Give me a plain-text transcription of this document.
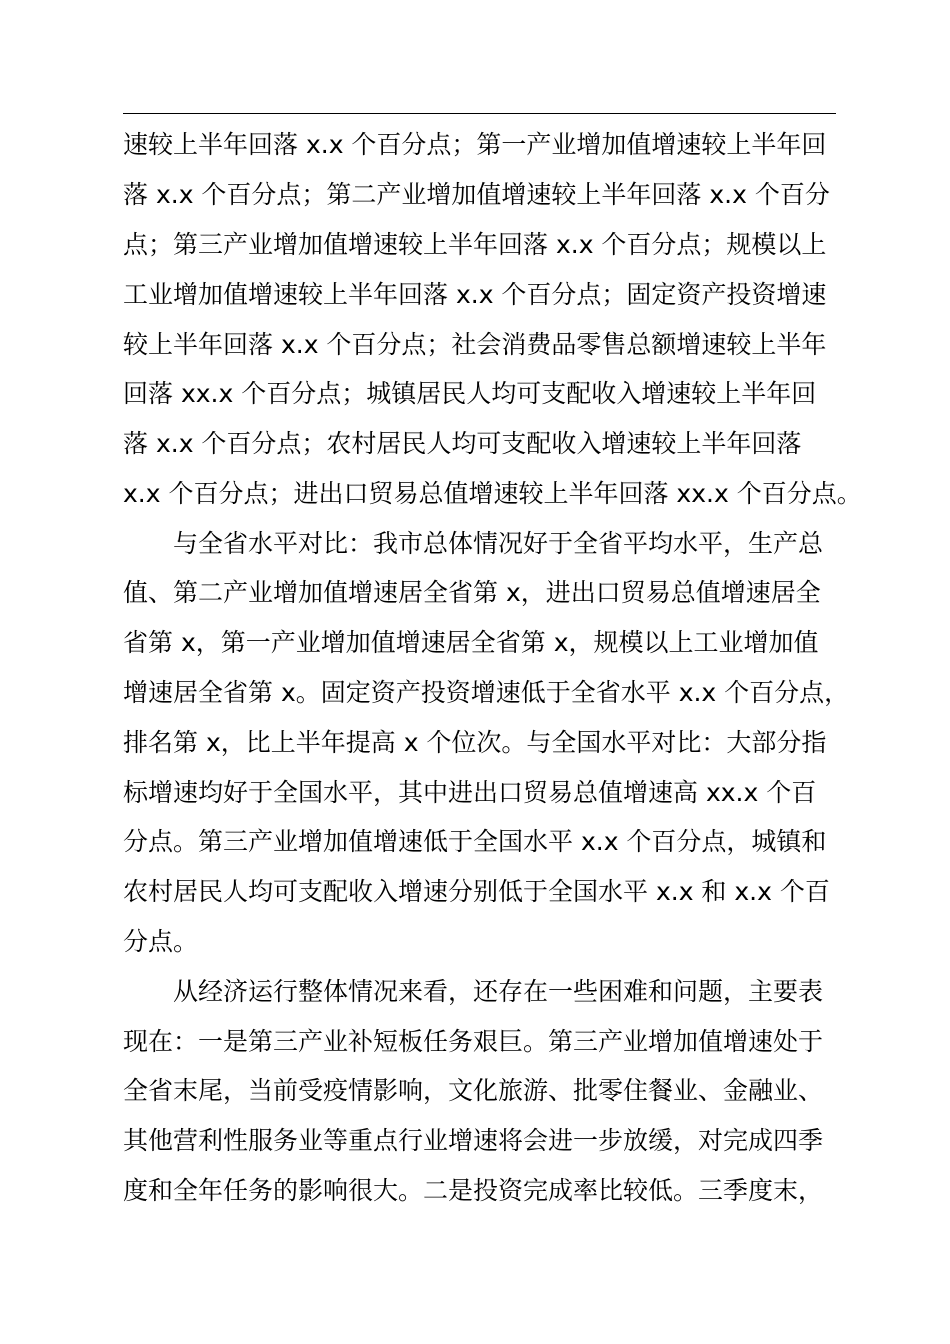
速较上半年回落 x.x 个百分点；第一产业增加值增速较上半年回
落 x.x 个百分点；第二产业增加值增速较上半年回落 x.x 个百分
点；第三产业增加值增速较上半年回落 x.x 个百分点；规模以上
工业增加值增速较上半年回落 x.x 个百分点；固定资产投资增速
较上半年回落 x.x 个百分点；社会消费品零售总额增速较上半年
回落 xx.x 个百分点；城镇居民人均可支配收入增速较上半年回
落 x.x 个百分点；农村居民人均可支配收入增速较上半年回落
x.x 个百分点；进出口贸易总值增速较上半年回落 xx.x 个百分点。
与全省水平对比：我市总体情况好于全省平均水平，生产总
值、第二产业增加值增速居全省第 x，进出口贸易总值增速居全
省第 x，第一产业增加值增速居全省第 x，规模以上工业增加值
增速居全省第 x。固定资产投资增速低于全省水平 x.x 个百分点，
排名第 x，比上半年提高 x 个位次。与全国水平对比：大部分指
标增速均好于全国水平，其中进出口贸易总值增速高 xx.x 个百
分点。第三产业增加值增速低于全国水平 x.x 个百分点，城镇和
农村居民人均可支配收入增速分别低于全国水平 x.x 和 x.x 个百
分点。
从经济运行整体情况来看，还存在一些困难和问题，主要表
现在：一是第三产业补短板任务艰巨。第三产业增加值增速处于
全省末尾，当前受疫情影响，文化旅游、批零住餐业、金融业、
其他营利性服务业等重点行业增速将会进一步放缓，对完成四季
度和全年任务的影响很大。二是投资完成率比较低。三季度末，
